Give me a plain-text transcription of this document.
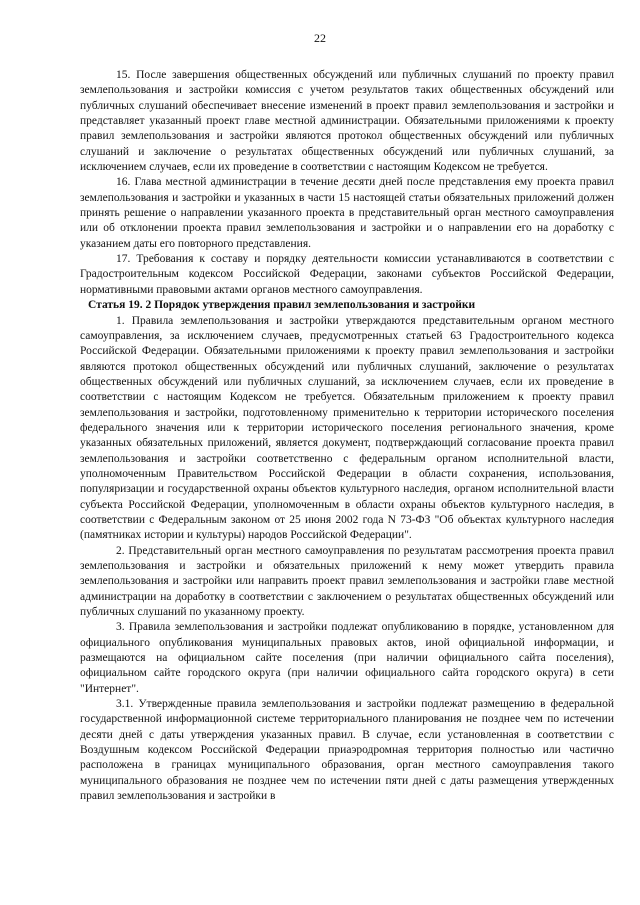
22

15. После завершения общественных обсуждений или публичных слушаний по проекту правил землепользования и застройки комиссия с учетом результатов таких общественных обсуждений или публичных слушаний обеспечивает внесение изменений в проект правил землепользования и застройки и представляет указанный проект главе местной администрации. Обязательными приложениями к проекту правил землепользования и застройки являются протокол общественных обсуждений или публичных слушаний и заключение о результатах общественных обсуждений или публичных слушаний, за исключением случаев, если их проведение в соответствии с настоящим Кодексом не требуется.

16. Глава местной администрации в течение десяти дней после представления ему проекта правил землепользования и застройки и указанных в части 15 настоящей статьи обязательных приложений должен принять решение о направлении указанного проекта в представительный орган местного самоуправления или об отклонении проекта правил землепользования и застройки и о направлении его на доработку с указанием даты его повторного представления.

17. Требования к составу и порядку деятельности комиссии устанавливаются в соответствии с Градостроительным кодексом Российской Федерации, законами субъектов Российской Федерации, нормативными правовыми актами органов местного самоуправления.

Статья 19. 2 Порядок утверждения правил землепользования и застройки

1. Правила землепользования и застройки утверждаются представительным органом местного самоуправления, за исключением случаев, предусмотренных статьей 63 Градостроительного кодекса Российской Федерации. Обязательными приложениями к проекту правил землепользования и застройки являются протокол общественных обсуждений или публичных слушаний, заключение о результатах общественных обсуждений или публичных слушаний, за исключением случаев, если их проведение в соответствии с настоящим Кодексом не требуется. Обязательным приложением к проекту правил землепользования и застройки, подготовленному применительно к территории исторического поселения федерального значения или к территории исторического поселения регионального значения, кроме указанных обязательных приложений, является документ, подтверждающий согласование проекта правил землепользования и застройки соответственно с федеральным органом исполнительной власти, уполномоченным Правительством Российской Федерации в области сохранения, использования, популяризации и государственной охраны объектов культурного наследия, органом исполнительной власти субъекта Российской Федерации, уполномоченным в области охраны объектов культурного наследия, в соответствии с Федеральным законом от 25 июня 2002 года N 73-ФЗ "Об объектах культурного наследия (памятниках истории и культуры) народов Российской Федерации".

2. Представительный орган местного самоуправления по результатам рассмотрения проекта правил землепользования и застройки и обязательных приложений к нему может утвердить правила землепользования и застройки или направить проект правил землепользования и застройки главе местной администрации на доработку в соответствии с заключением о результатах общественных обсуждений или публичных слушаний по указанному проекту.

3. Правила землепользования и застройки подлежат опубликованию в порядке, установленном для официального опубликования муниципальных правовых актов, иной официальной информации, и размещаются на официальном сайте поселения (при наличии официального сайта поселения), официальном сайте городского округа (при наличии официального сайта городского округа) в сети "Интернет".

3.1. Утвержденные правила землепользования и застройки подлежат размещению в федеральной государственной информационной системе территориального планирования не позднее чем по истечении десяти дней с даты утверждения указанных правил. В случае, если установленная в соответствии с Воздушным кодексом Российской Федерации приаэродромная территория полностью или частично расположена в границах муниципального образования, орган местного самоуправления такого муниципального образования не позднее чем по истечении пяти дней с даты размещения утвержденных правил землепользования и застройки в
